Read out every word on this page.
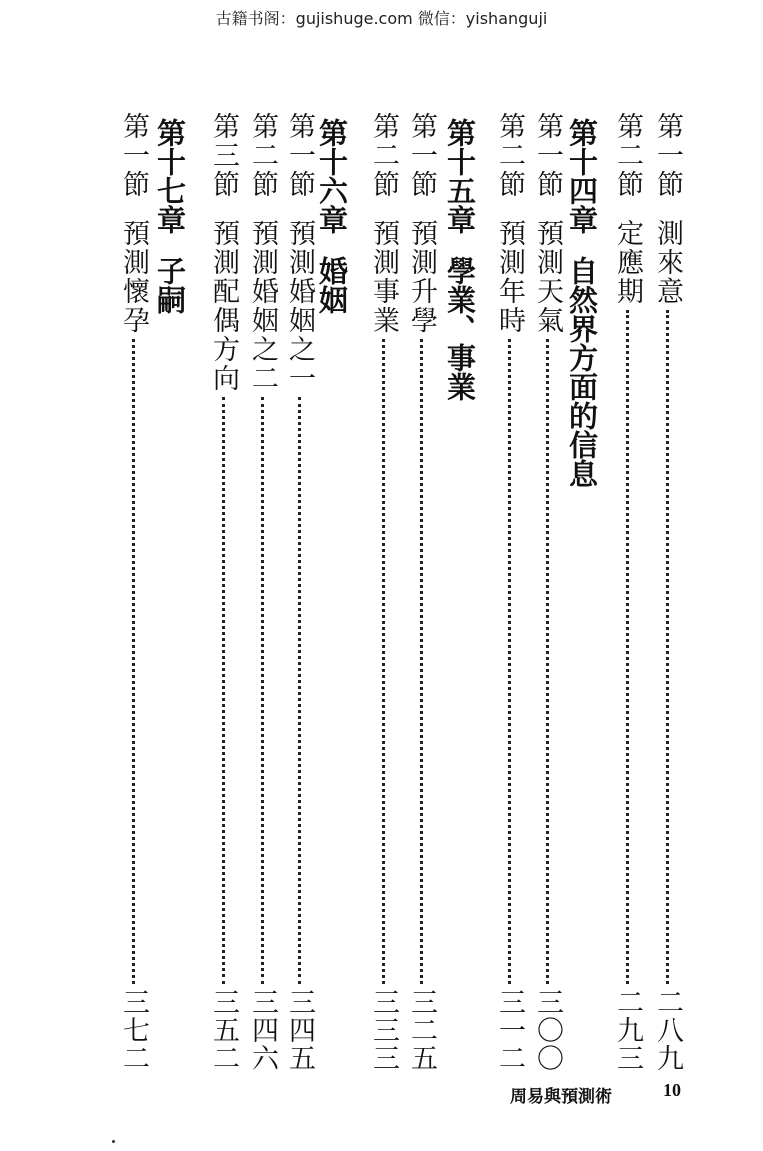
古籍书阁：gujishuge.com 微信：yishanguji
第一節
測來意
二八九
第二節
定應期
二九三
第十四章
自然界方面的信息
第一節
預測天氣
三〇〇
第二節
預測年時
三一二
第十五章
學業、事業
第一節
預測升學
三二五
第二節
預測事業
三三三
第十六章
婚姻
第一節
預測婚姻之一
三四五
第二節
預測婚姻之二
三四六
第三節
預測配偶方向
三五二
第十七章
子嗣
第一節
預測懷孕
三七二
周易與預測術	10
